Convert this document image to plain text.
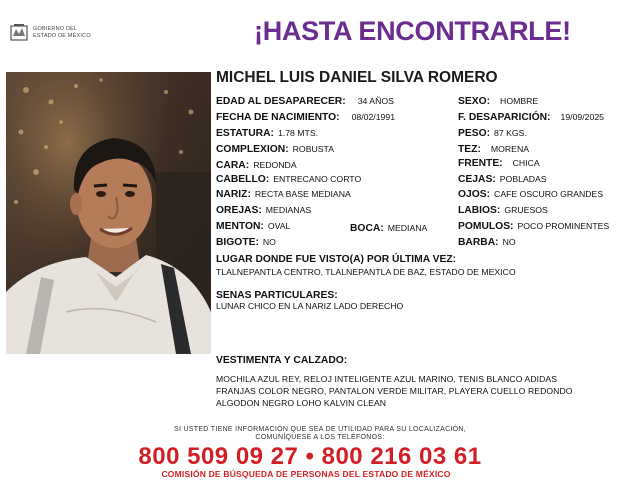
GOBIERNO DEL
ESTADO DE MÉXICO	¡HASTA ENCONTRARLE!
MICHEL LUIS DANIEL SILVA ROMERO
EDAD AL DESAPARECER: 34 AÑOS
FECHA DE NACIMIENTO: 08/02/1991
ESTATURA: 1.78 MTS.
COMPLEXION: ROBUSTA
CARA: REDONDA
CABELLO: ENTRECANO CORTO
NARIZ: RECTA BASE MEDIANA
OREJAS: MEDIANAS
MENTON: OVAL	BOCA: MEDIANA
BIGOTE: NO
SEXO: HOMBRE
F. DESAPARICIÓN: 19/09/2025
PESO: 87 KGS.
TEZ: MORENA
FRENTE: CHICA
CEJAS: POBLADAS
OJOS: CAFE OSCURO GRANDES
LABIOS: GRUESOS
POMULOS: POCO PROMINENTES
BARBA: NO
LUGAR DONDE FUE VISTO(A) POR ÚLTIMA VEZ:
TLALNEPANTLA CENTRO, TLALNEPANTLA DE BAZ, ESTADO DE MEXICO
SENAS PARTICULARES:
LUNAR CHICO EN LA NARIZ LADO DERECHO
VESTIMENTA Y CALZADO:
MOCHILA AZUL REY, RELOJ INTELIGENTE AZUL MARINO, TENIS BLANCO ADIDAS
FRANJAS COLOR NEGRO, PANTALON VERDE MILITAR, PLAYERA CUELLO REDONDO
ALGODON NEGRO LOHO KALVIN CLEAN
SI USTED TIENE INFORMACIÓN QUE SEA DE UTILIDAD PARA SU LOCALIZACIÓN,
COMUNÍQUESE A LOS TELÉFONOS:
800 509 09 27 • 800 216 03 61
COMISIÓN DE BÚSQUEDA DE PERSONAS DEL ESTADO DE MÉXICO
